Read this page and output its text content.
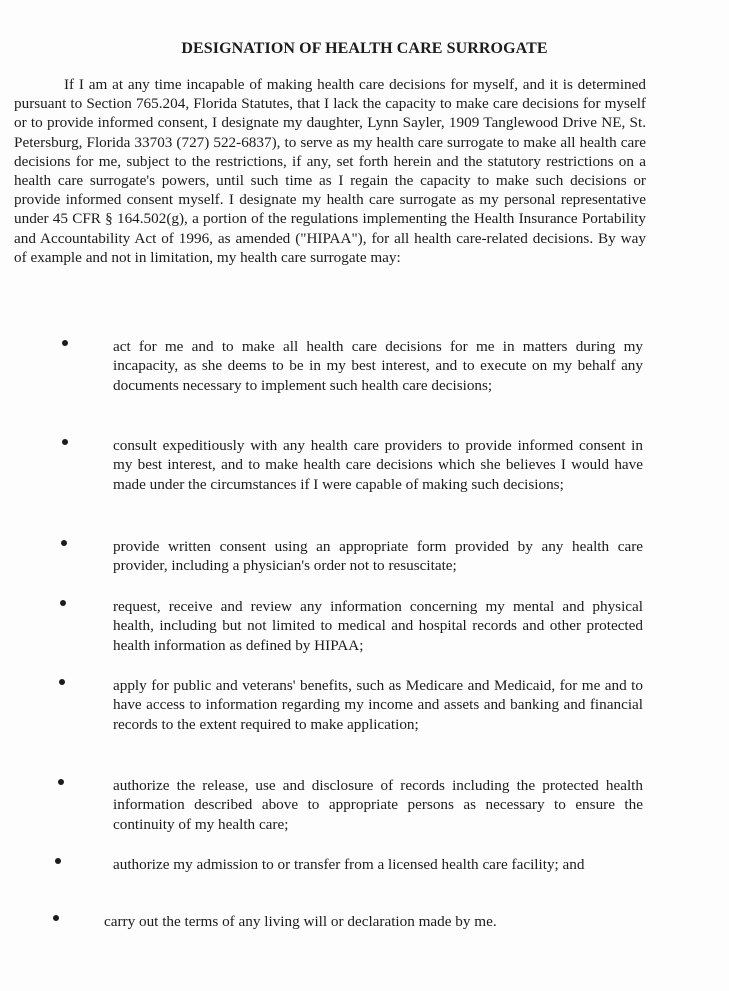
DESIGNATION OF HEALTH CARE SURROGATE

If I am at any time incapable of making health care decisions for myself, and it is determined pursuant to Section 765.204, Florida Statutes, that I lack the capacity to make care decisions for myself or to provide informed consent, I designate my daughter, Lynn Sayler, 1909 Tanglewood Drive NE, St. Petersburg, Florida 33703 (727) 522-6837), to serve as my health care surrogate to make all health care decisions for me, subject to the restrictions, if any, set forth herein and the statutory restrictions on a health care surrogate's powers, until such time as I regain the capacity to make such decisions or provide informed consent myself. I designate my health care surrogate as my personal representative under 45 CFR § 164.502(g), a portion of the regulations implementing the Health Insurance Portability and Accountability Act of 1996, as amended ("HIPAA"), for all health care-related decisions. By way of example and not in limitation, my health care surrogate may:

act for me and to make all health care decisions for me in matters during my incapacity, as she deems to be in my best interest, and to execute on my behalf any documents necessary to implement such health care decisions;

consult expeditiously with any health care providers to provide informed consent in my best interest, and to make health care decisions which she believes I would have made under the circumstances if I were capable of making such decisions;

provide written consent using an appropriate form provided by any health care provider, including a physician's order not to resuscitate;

request, receive and review any information concerning my mental and physical health, including but not limited to medical and hospital records and other protected health information as defined by HIPAA;

apply for public and veterans' benefits, such as Medicare and Medicaid, for me and to have access to information regarding my income and assets and banking and financial records to the extent required to make application;

authorize the release, use and disclosure of records including the protected health information described above to appropriate persons as necessary to ensure the continuity of my health care;

authorize my admission to or transfer from a licensed health care facility; and

carry out the terms of any living will or declaration made by me.
